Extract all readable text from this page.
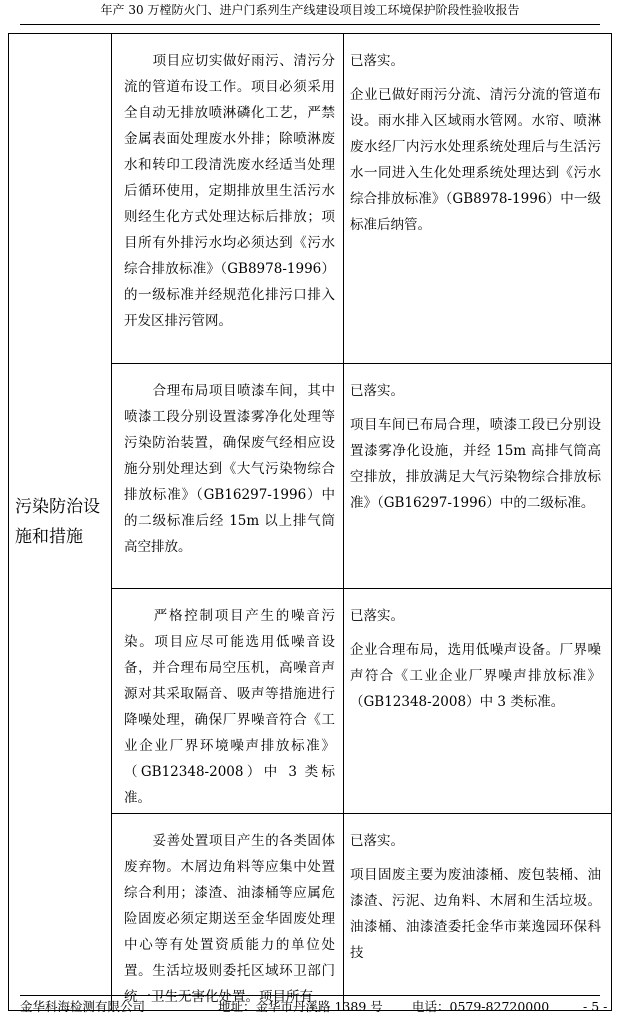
年产 30 万樘防火门、进户门系列生产线建设项目竣工环境保护阶段性验收报告
污染防治设施和措施	项目应切实做好雨污、清污分流的管道布设工作。项目必须采用全自动无排放喷淋磷化工艺，严禁金属表面处理废水外排；除喷淋废水和转印工段清洗废水经适当处理后循环使用，定期排放里生活污水则经生化方式处理达标后排放；项目所有外排污水均必须达到《污水综合排放标准》（GB8978-1996）的一级标准并经规范化排污口排入开发区排污管网。	已落实。
企业已做好雨污分流、清污分流的管道布设。雨水排入区域雨水管网。水帘、喷淋废水经厂内污水处理系统处理后与生活污水一同进入生化处理系统处理达到《污水综合排放标准》（GB8978-1996）中一级标准后纳管。
	合理布局项目喷漆车间，其中喷漆工段分别设置漆雾净化处理等污染防治装置，确保废气经相应设施分别处理达到《大气污染物综合排放标准》（GB16297-1996）中的二级标准后经 15m 以上排气筒高空排放。	已落实。
项目车间已布局合理，喷漆工段已分别设置漆雾净化设施，并经 15m 高排气筒高空排放，排放满足大气污染物综合排放标准》（GB16297-1996）中的二级标准。
	严格控制项目产生的噪音污染。项目应尽可能选用低噪音设备，并合理布局空压机，高噪音声源对其采取隔音、吸声等措施进行降噪处理，确保厂界噪音符合《工业企业厂界环境噪声排放标准》（GB12348-2008）中 3 类标准。	已落实。
企业合理布局，选用低噪声设备。厂界噪声符合《工业企业厂界噪声排放标准》（GB12348-2008）中 3 类标准。
	妥善处置项目产生的各类固体废弃物。木屑边角料等应集中处置综合利用；漆渣、油漆桶等应属危险固废必须定期送至金华固废处理中心等有处置资质能力的单位处置。生活垃圾则委托区域环卫部门统一卫生无害化处置。项目所有	已落实。
项目固废主要为废油漆桶、废包装桶、油漆渣、污泥、边角料、木屑和生活垃圾。油漆桶、油漆渣委托金华市莱逸园环保科技
金华科海检测有限公司	地址：金华市丹溪路 1389 号 电话：0579-82720000	- 5 -
